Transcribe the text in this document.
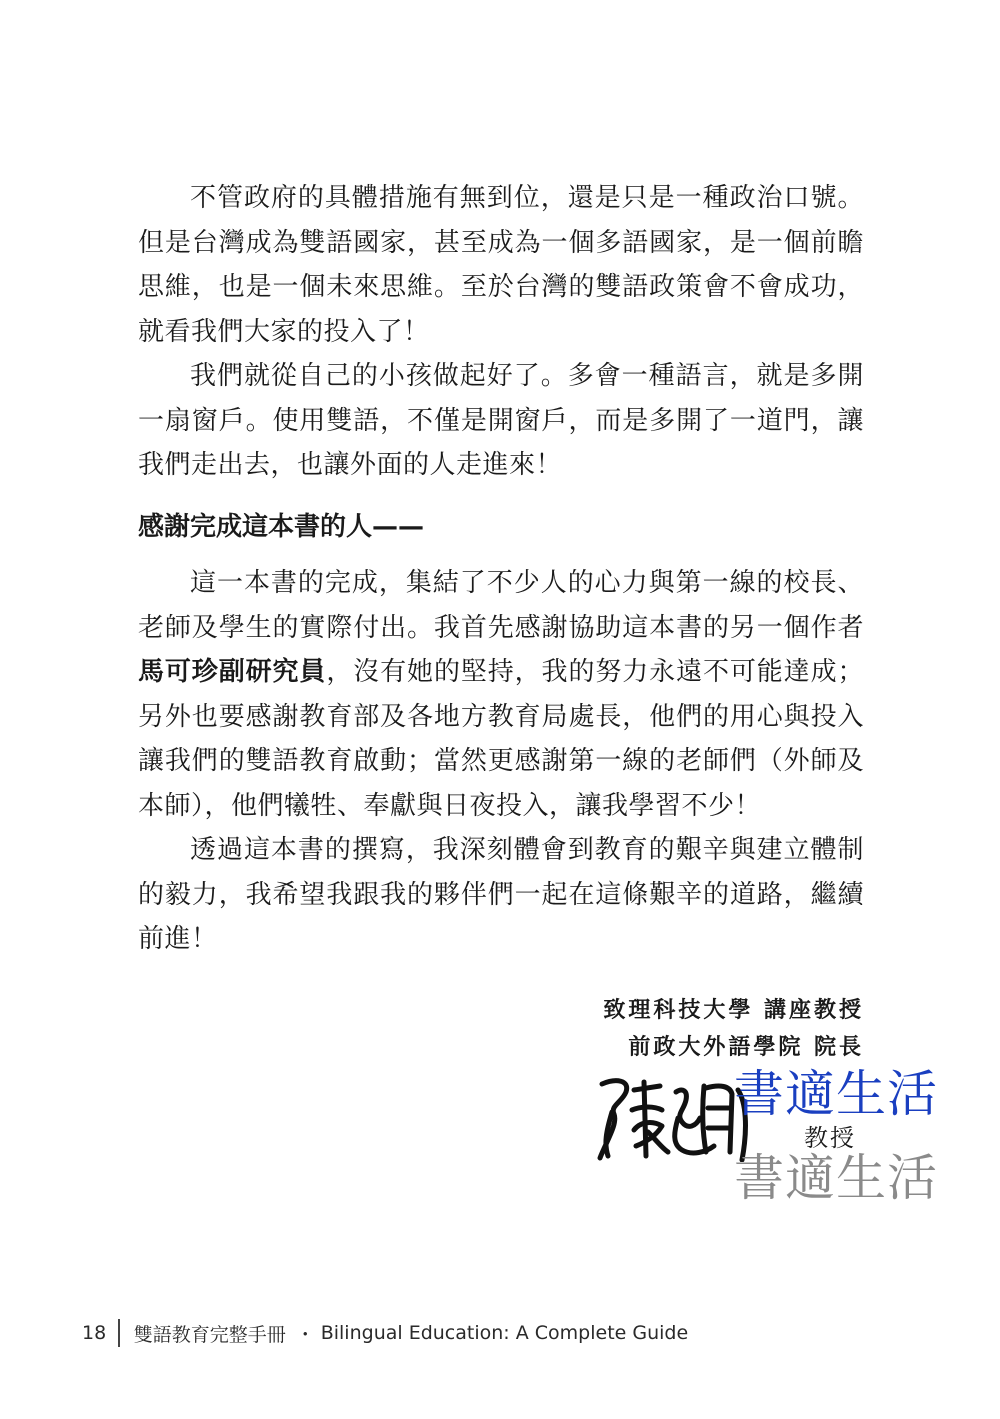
不管政府的具體措施有無到位，還是只是一種政治口號。但是台灣成為雙語國家，甚至成為一個多語國家，是一個前瞻思維，也是一個未來思維。至於台灣的雙語政策會不會成功，就看我們大家的投入了！

我們就從自己的小孩做起好了。多會一種語言，就是多開一扇窗戶。使用雙語，不僅是開窗戶，而是多開了一道門，讓我們走出去，也讓外面的人走進來！

感謝完成這本書的人——

這一本書的完成，集結了不少人的心力與第一線的校長、老師及學生的實際付出。我首先感謝協助這本書的另一個作者馬可珍副研究員，沒有她的堅持，我的努力永遠不可能達成；另外也要感謝教育部及各地方教育局處長，他們的用心與投入讓我們的雙語教育啟動；當然更感謝第一線的老師們（外師及本師），他們犧牲、奉獻與日夜投入，讓我學習不少！

透過這本書的撰寫，我深刻體會到教育的艱辛與建立體制的毅力，我希望我跟我的夥伴們一起在這條艱辛的道路，繼續前進！

致理科技大學 講座教授

前政大外語學院 院長

教授

書適生活

書適生活

18 雙語教育完整手冊 ・ Bilingual Education: A Complete Guide
